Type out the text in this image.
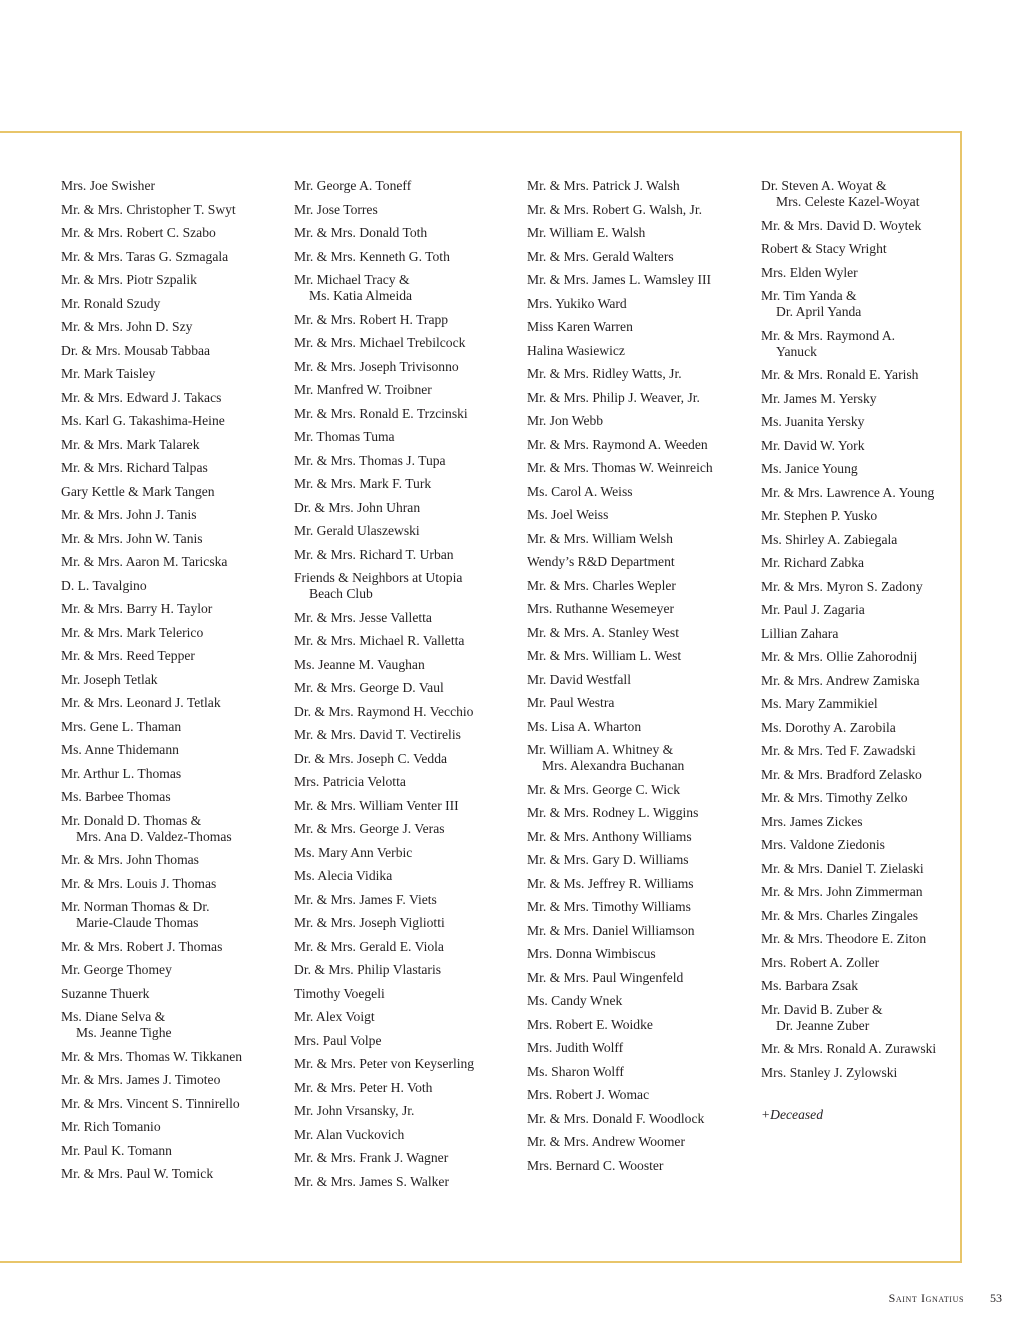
Mrs. Joe Swisher
Mr. & Mrs. Christopher T. Swyt
Mr. & Mrs. Robert C. Szabo
Mr. & Mrs. Taras G. Szmagala
Mr. & Mrs. Piotr Szpalik
Mr. Ronald Szudy
Mr. & Mrs. John D. Szy
Dr. & Mrs. Mousab Tabbaa
Mr. Mark Taisley
Mr. & Mrs. Edward J. Takacs
Ms. Karl G. Takashima-Heine
Mr. & Mrs. Mark Talarek
Mr. & Mrs. Richard Talpas
Gary Kettle & Mark Tangen
Mr. & Mrs. John J. Tanis
Mr. & Mrs. John W. Tanis
Mr. & Mrs. Aaron M. Taricska
D. L. Tavalgino
Mr. & Mrs. Barry H. Taylor
Mr. & Mrs. Mark Telerico
Mr. & Mrs. Reed Tepper
Mr. Joseph Tetlak
Mr. & Mrs. Leonard J. Tetlak
Mrs. Gene L. Thaman
Ms. Anne Thidemann
Mr. Arthur L. Thomas
Ms. Barbee Thomas
Mr. Donald D. Thomas &
Mrs. Ana D. Valdez-Thomas
Mr. & Mrs. John Thomas
Mr. & Mrs. Louis J. Thomas
Mr. Norman Thomas & Dr.
Marie-Claude Thomas
Mr. & Mrs. Robert J. Thomas
Mr. George Thomey
Suzanne Thuerk
Ms. Diane Selva &
Ms. Jeanne Tighe
Mr. & Mrs. Thomas W. Tikkanen
Mr. & Mrs. James J. Timoteo
Mr. & Mrs. Vincent S. Tinnirello
Mr. Rich Tomanio
Mr. Paul K. Tomann
Mr. & Mrs. Paul W. Tomick
Mr. George A. Toneff
Mr. Jose Torres
Mr. & Mrs. Donald Toth
Mr. & Mrs. Kenneth G. Toth
Mr. Michael Tracy &
Ms. Katia Almeida
Mr. & Mrs. Robert H. Trapp
Mr. & Mrs. Michael Trebilcock
Mr. & Mrs. Joseph Trivisonno
Mr. Manfred W. Troibner
Mr. & Mrs. Ronald E. Trzcinski
Mr. Thomas Tuma
Mr. & Mrs. Thomas J. Tupa
Mr. & Mrs. Mark F. Turk
Dr. & Mrs. John Uhran
Mr. Gerald Ulaszewski
Mr. & Mrs. Richard T. Urban
Friends & Neighbors at Utopia
Beach Club
Mr. & Mrs. Jesse Valletta
Mr. & Mrs. Michael R. Valletta
Ms. Jeanne M. Vaughan
Mr. & Mrs. George D. Vaul
Dr. & Mrs. Raymond H. Vecchio
Mr. & Mrs. David T. Vectirelis
Dr. & Mrs. Joseph C. Vedda
Mrs. Patricia Velotta
Mr. & Mrs. William Venter III
Mr. & Mrs. George J. Veras
Ms. Mary Ann Verbic
Ms. Alecia Vidika
Mr. & Mrs. James F. Viets
Mr. & Mrs. Joseph Vigliotti
Mr. & Mrs. Gerald E. Viola
Dr. & Mrs. Philip Vlastaris
Timothy Voegeli
Mr. Alex Voigt
Mrs. Paul Volpe
Mr. & Mrs. Peter von Keyserling
Mr. & Mrs. Peter H. Voth
Mr. John Vrsansky, Jr.
Mr. Alan Vuckovich
Mr. & Mrs. Frank J. Wagner
Mr. & Mrs. James S. Walker
Mr. & Mrs. Patrick J. Walsh
Mr. & Mrs. Robert G. Walsh, Jr.
Mr. William E. Walsh
Mr. & Mrs. Gerald Walters
Mr. & Mrs. James L. Wamsley III
Mrs. Yukiko Ward
Miss Karen Warren
Halina Wasiewicz
Mr. & Mrs. Ridley Watts, Jr.
Mr. & Mrs. Philip J. Weaver, Jr.
Mr. Jon Webb
Mr. & Mrs. Raymond A. Weeden
Mr. & Mrs. Thomas W. Weinreich
Ms. Carol A. Weiss
Ms. Joel Weiss
Mr. & Mrs. William Welsh
Wendy’s R&D Department
Mr. & Mrs. Charles Wepler
Mrs. Ruthanne Wesemeyer
Mr. & Mrs. A. Stanley West
Mr. & Mrs. William L. West
Mr. David Westfall
Mr. Paul Westra
Ms. Lisa A. Wharton
Mr. William A. Whitney &
Mrs. Alexandra Buchanan
Mr. & Mrs. George C. Wick
Mr. & Mrs. Rodney L. Wiggins
Mr. & Mrs. Anthony Williams
Mr. & Mrs. Gary D. Williams
Mr. & Ms. Jeffrey R. Williams
Mr. & Mrs. Timothy Williams
Mr. & Mrs. Daniel Williamson
Mrs. Donna Wimbiscus
Mr. & Mrs. Paul Wingenfeld
Ms. Candy Wnek
Mrs. Robert E. Woidke
Mrs. Judith Wolff
Ms. Sharon Wolff
Mrs. Robert J. Womac
Mr. & Mrs. Donald F. Woodlock
Mr. & Mrs. Andrew Woomer
Mrs. Bernard C. Wooster
Dr. Steven A. Woyat &
Mrs. Celeste Kazel-Woyat
Mr. & Mrs. David D. Woytek
Robert & Stacy Wright
Mrs. Elden Wyler
Mr. Tim Yanda &
Dr. April Yanda
Mr. & Mrs. Raymond A.
Yanuck
Mr. & Mrs. Ronald E. Yarish
Mr. James M. Yersky
Ms. Juanita Yersky
Mr. David W. York
Ms. Janice Young
Mr. & Mrs. Lawrence A. Young
Mr. Stephen P. Yusko
Ms. Shirley A. Zabiegala
Mr. Richard Zabka
Mr. & Mrs. Myron S. Zadony
Mr. Paul J. Zagaria
Lillian Zahara
Mr. & Mrs. Ollie Zahorodnij
Mr. & Mrs. Andrew Zamiska
Ms. Mary Zammikiel
Ms. Dorothy A. Zarobila
Mr. & Mrs. Ted F. Zawadski
Mr. & Mrs. Bradford Zelasko
Mr. & Mrs. Timothy Zelko
Mrs. James Zickes
Mrs. Valdone Ziedonis
Mr. & Mrs. Daniel T. Zielaski
Mr. & Mrs. John Zimmerman
Mr. & Mrs. Charles Zingales
Mr. & Mrs. Theodore E. Ziton
Mrs. Robert A. Zoller
Ms. Barbara Zsak
Mr. David B. Zuber &
Dr. Jeanne Zuber
Mr. & Mrs. Ronald A. Zurawski
Mrs. Stanley J. Zylowski
+Deceased
Saint Ignatius 53
